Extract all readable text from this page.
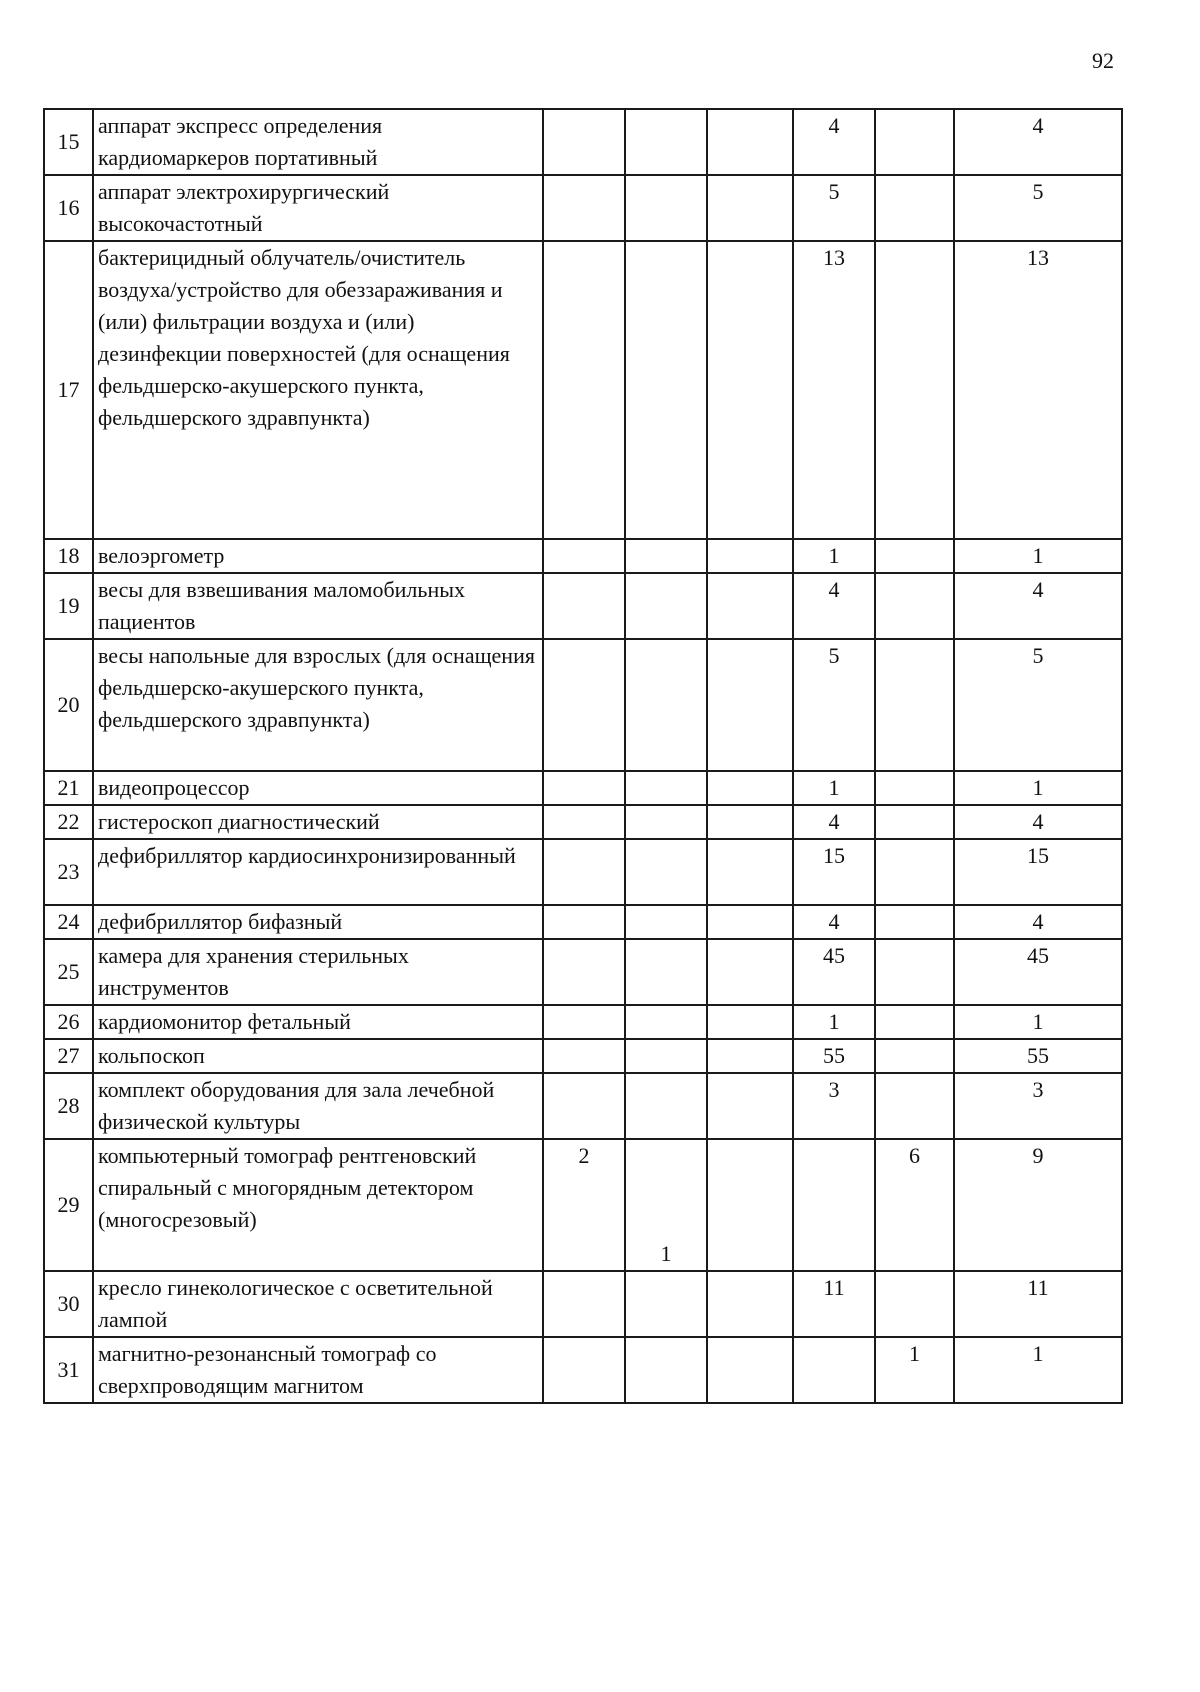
92
15	аппарат экспресс определения кардиомаркеров портативный				4		4
16	аппарат электрохирургический высокочастотный				5		5
17	бактерицидный облучатель/очиститель воздуха/устройство для обеззараживания и (или) фильтрации воздуха и (или) дезинфекции поверхностей (для оснащения фельдшерско-акушерского пункта, фельдшерского здравпункта)				13		13
18	велоэргометр				1		1
19	весы для взвешивания маломобильных пациентов				4		4
20	весы напольные для взрослых (для оснащения фельдшерско-акушерского пункта, фельдшерского здравпункта)				5		5
21	видеопроцессор				1		1
22	гистероскоп диагностический				4		4
23	дефибриллятор кардиосинхронизированный				15		15
24	дефибриллятор бифазный				4		4
25	камера для хранения стерильных инструментов				45		45
26	кардиомонитор фетальный				1		1
27	кольпоскоп				55		55
28	комплект оборудования для зала лечебной физической культуры				3		3
29	компьютерный томограф рентгеновский спиральный с многорядным детектором (многосрезовый)	2	1			6	9
30	кресло гинекологическое с осветительной лампой				11		11
31	магнитно-резонансный томограф со сверхпроводящим магнитом					1	1
